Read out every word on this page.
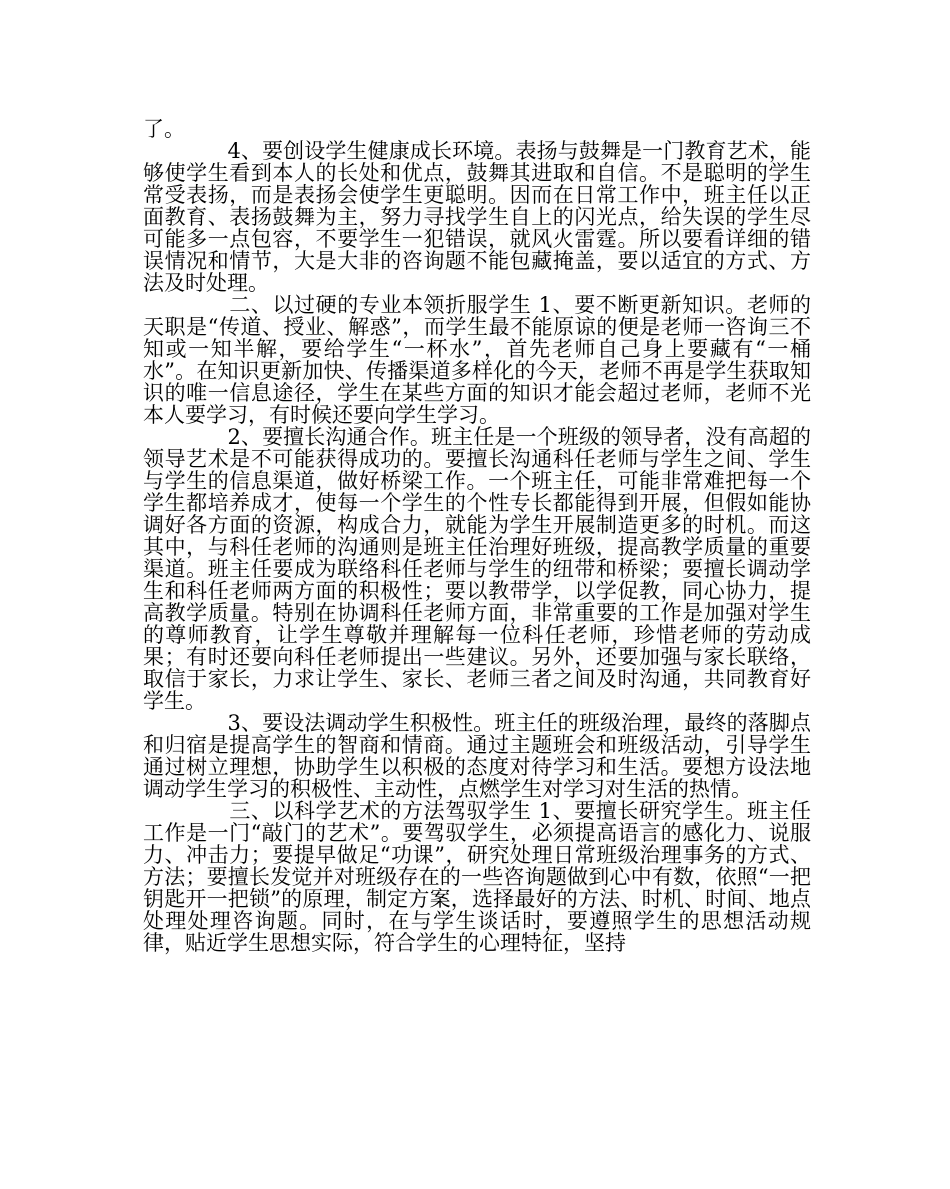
了。

　　　　4、要创设学生健康成长环境。表扬与鼓舞是一门教育艺术，能够使学生看到本人的长处和优点，鼓舞其进取和自信。不是聪明的学生常受表扬，而是表扬会使学生更聪明。因而在日常工作中，班主任以正面教育、表扬鼓舞为主，努力寻找学生自上的闪光点，给失误的学生尽可能多一点包容，不要学生一犯错误，就风火雷霆。所以要看详细的错误情况和情节，大是大非的咨询题不能包藏掩盖，要以适宜的方式、方法及时处理。

　　　　二、以过硬的专业本领折服学生 1、要不断更新知识。老师的天职是“传道、授业、解惑”，而学生最不能原谅的便是老师一咨询三不知或一知半解，要给学生“一杯水”，首先老师自己身上要藏有“一桶水”。在知识更新加快、传播渠道多样化的今天，老师不再是学生获取知识的唯一信息途径，学生在某些方面的知识才能会超过老师，老师不光本人要学习，有时候还要向学生学习。

　　　　2、要擅长沟通合作。班主任是一个班级的领导者，没有高超的领导艺术是不可能获得成功的。要擅长沟通科任老师与学生之间、学生与学生的信息渠道，做好桥梁工作。一个班主任，可能非常难把每一个学生都培养成才，使每一个学生的个性专长都能得到开展，但假如能协调好各方面的资源，构成合力，就能为学生开展制造更多的时机。而这其中，与科任老师的沟通则是班主任治理好班级，提高教学质量的重要渠道。班主任要成为联络科任老师与学生的纽带和桥梁；要擅长调动学生和科任老师两方面的积极性；要以教带学，以学促教，同心协力，提高教学质量。特别在协调科任老师方面，非常重要的工作是加强对学生的尊师教育，让学生尊敬并理解每一位科任老师，珍惜老师的劳动成果；有时还要向科任老师提出一些建议。另外，还要加强与家长联络，取信于家长，力求让学生、家长、老师三者之间及时沟通，共同教育好学生。

　　　　3、要设法调动学生积极性。班主任的班级治理，最终的落脚点和归宿是提高学生的智商和情商。通过主题班会和班级活动，引导学生通过树立理想，协助学生以积极的态度对待学习和生活。要想方设法地调动学生学习的积极性、主动性，点燃学生对学习对生活的热情。

　　　　三、以科学艺术的方法驾驭学生 1、要擅长研究学生。班主任工作是一门“敲门的艺术”。要驾驭学生，必须提高语言的感化力、说服力、冲击力；要提早做足“功课”，研究处理日常班级治理事务的方式、方法；要擅长发觉并对班级存在的一些咨询题做到心中有数，依照“一把钥匙开一把锁”的原理，制定方案，选择最好的方法、时机、时间、地点处理处理咨询题。同时，在与学生谈话时，要遵照学生的思想活动规律，贴近学生思想实际，符合学生的心理特征，坚持
